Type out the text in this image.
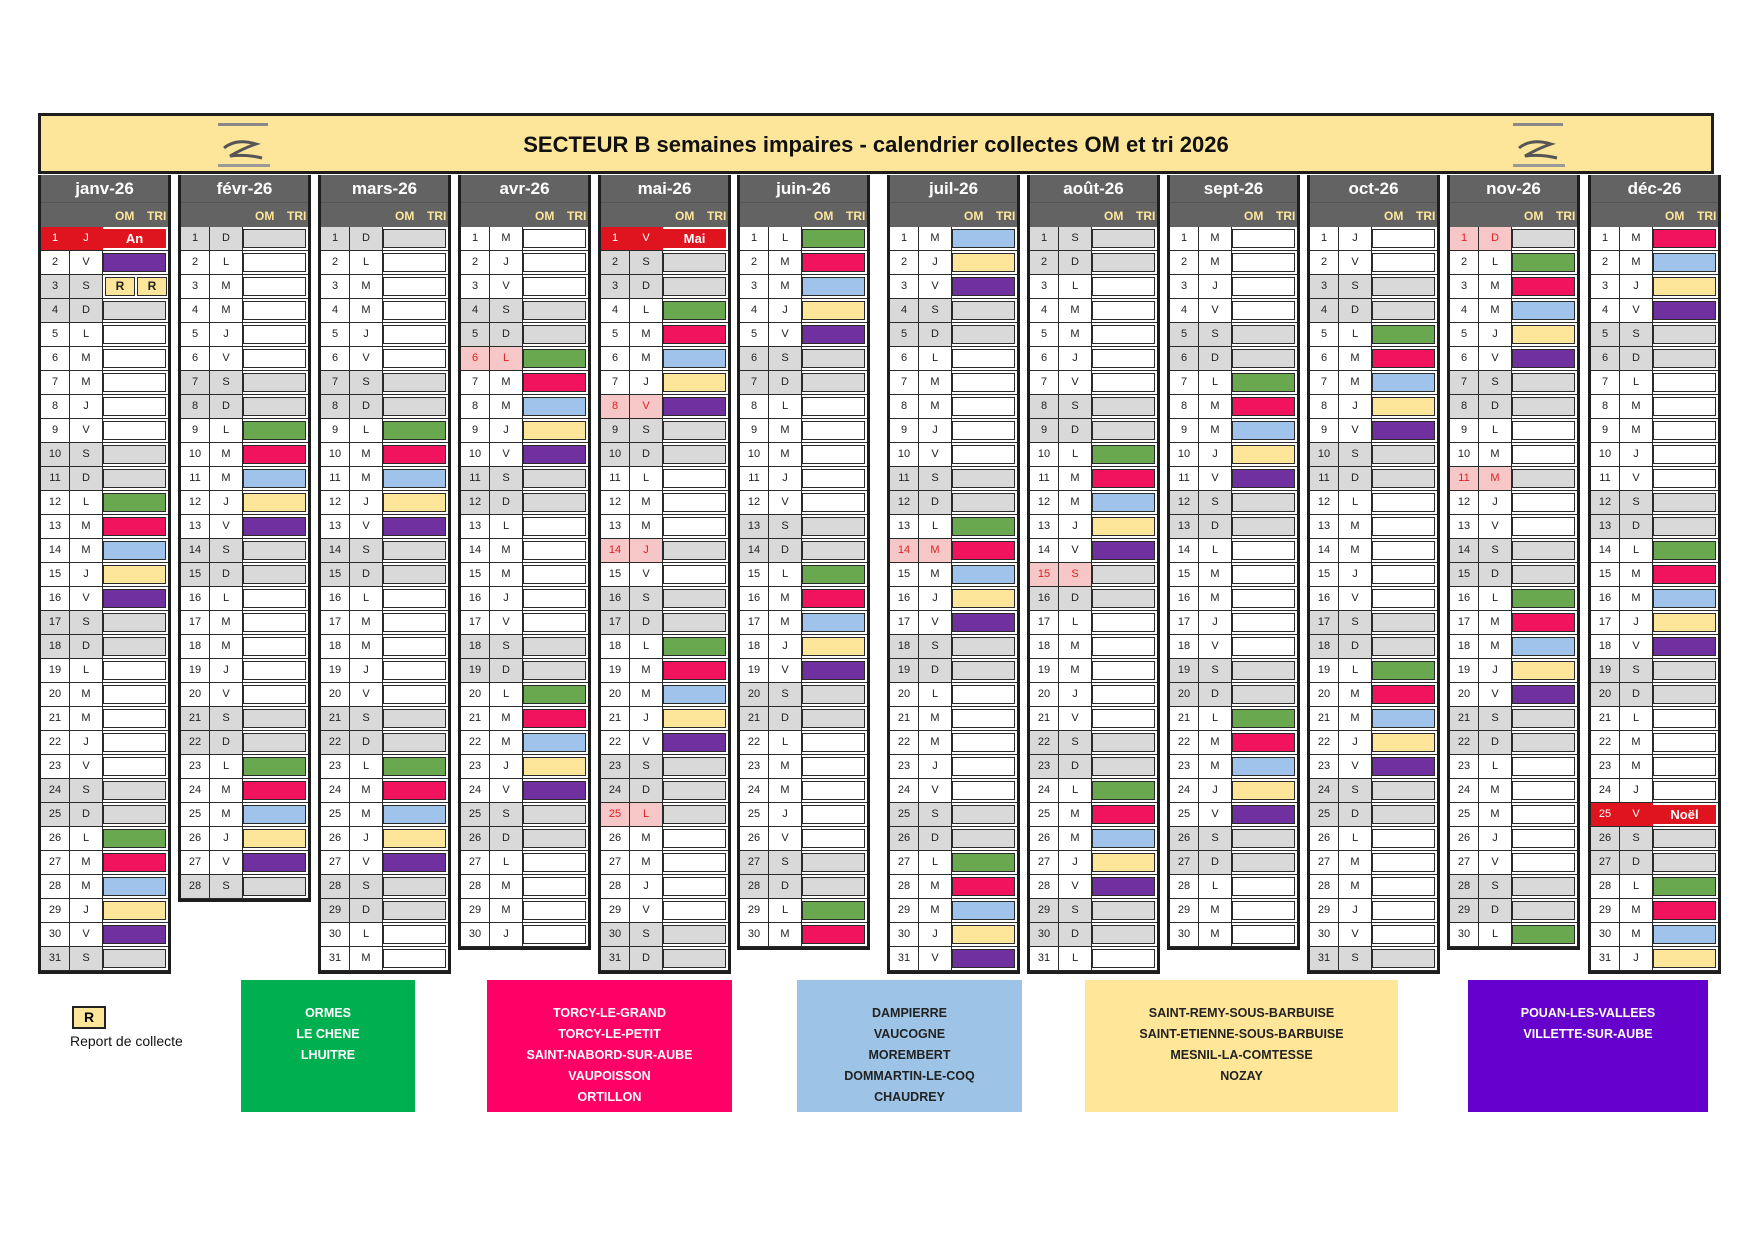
SECTEUR B semaines impaires - calendrier collectes OM et tri 2026
janv-26
OM TRI
1	J	An
2	V
3	S	R	R
4	D
5	L
6	M
7	M
8	J
9	V
10	S
11	D
12	L
13	M
14	M
15	J
16	V
17	S
18	D
19	L
20	M
21	M
22	J
23	V
24	S
25	D
26	L
27	M
28	M
29	J
30	V
31	S
févr-26
OM TRI
1	D
2	L
3	M
4	M
5	J
6	V
7	S
8	D
9	L
10	M
11	M
12	J
13	V
14	S
15	D
16	L
17	M
18	M
19	J
20	V
21	S
22	D
23	L
24	M
25	M
26	J
27	V
28	S
mars-26
OM TRI
1	D
2	L
3	M
4	M
5	J
6	V
7	S
8	D
9	L
10	M
11	M
12	J
13	V
14	S
15	D
16	L
17	M
18	M
19	J
20	V
21	S
22	D
23	L
24	M
25	M
26	J
27	V
28	S
29	D
30	L
31	M
avr-26
OM TRI
1	M
2	J
3	V
4	S
5	D
6	L
7	M
8	M
9	J
10	V
11	S
12	D
13	L
14	M
15	M
16	J
17	V
18	S
19	D
20	L
21	M
22	M
23	J
24	V
25	S
26	D
27	L
28	M
29	M
30	J
mai-26
OM TRI
1	V	Mai
2	S
3	D
4	L
5	M
6	M
7	J
8	V
9	S
10	D
11	L
12	M
13	M
14	J
15	V
16	S
17	D
18	L
19	M
20	M
21	J
22	V
23	S
24	D
25	L
26	M
27	M
28	J
29	V
30	S
31	D
juin-26
OM TRI
1	L
2	M
3	M
4	J
5	V
6	S
7	D
8	L
9	M
10	M
11	J
12	V
13	S
14	D
15	L
16	M
17	M
18	J
19	V
20	S
21	D
22	L
23	M
24	M
25	J
26	V
27	S
28	D
29	L
30	M
juil-26
OM TRI
1	M
2	J
3	V
4	S
5	D
6	L
7	M
8	M
9	J
10	V
11	S
12	D
13	L
14	M
15	M
16	J
17	V
18	S
19	D
20	L
21	M
22	M
23	J
24	V
25	S
26	D
27	L
28	M
29	M
30	J
31	V
août-26
OM TRI
1	S
2	D
3	L
4	M
5	M
6	J
7	V
8	S
9	D
10	L
11	M
12	M
13	J
14	V
15	S
16	D
17	L
18	M
19	M
20	J
21	V
22	S
23	D
24	L
25	M
26	M
27	J
28	V
29	S
30	D
31	L
sept-26
OM TRI
1	M
2	M
3	J
4	V
5	S
6	D
7	L
8	M
9	M
10	J
11	V
12	S
13	D
14	L
15	M
16	M
17	J
18	V
19	S
20	D
21	L
22	M
23	M
24	J
25	V
26	S
27	D
28	L
29	M
30	M
oct-26
OM TRI
1	J
2	V
3	S
4	D
5	L
6	M
7	M
8	J
9	V
10	S
11	D
12	L
13	M
14	M
15	J
16	V
17	S
18	D
19	L
20	M
21	M
22	J
23	V
24	S
25	D
26	L
27	M
28	M
29	J
30	V
31	S
nov-26
OM TRI
1	D
2	L
3	M
4	M
5	J
6	V
7	S
8	D
9	L
10	M
11	M
12	J
13	V
14	S
15	D
16	L
17	M
18	M
19	J
20	V
21	S
22	D
23	L
24	M
25	M
26	J
27	V
28	S
29	D
30	L
déc-26
OM TRI
1	M
2	M
3	J
4	V
5	S
6	D
7	L
8	M
9	M
10	J
11	V
12	S
13	D
14	L
15	M
16	M
17	J
18	V
19	S
20	D
21	L
22	M
23	M
24	J
25	V	Noël
26	S
27	D
28	L
29	M
30	M
31	J
R
Report de collecte
ORMES
LE CHENE
LHUITRE
TORCY-LE-GRAND
TORCY-LE-PETIT
SAINT-NABORD-SUR-AUBE
VAUPOISSON
ORTILLON
DAMPIERRE
VAUCOGNE
MOREMBERT
DOMMARTIN-LE-COQ
CHAUDREY
SAINT-REMY-SOUS-BARBUISE
SAINT-ETIENNE-SOUS-BARBUISE
MESNIL-LA-COMTESSE
NOZAY
POUAN-LES-VALLEES
VILLETTE-SUR-AUBE
